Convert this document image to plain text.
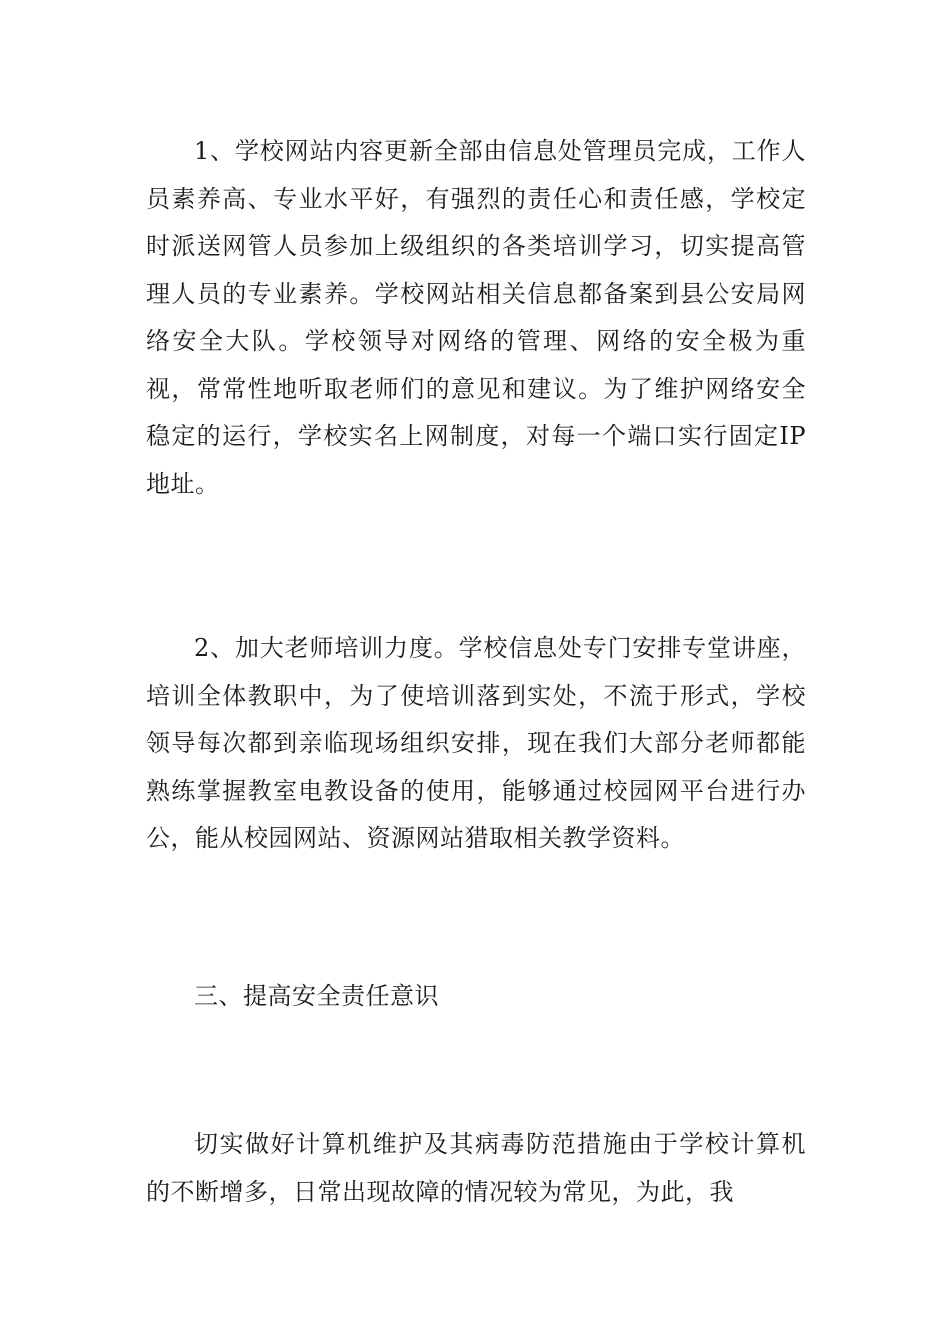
1、学校网站内容更新全部由信息处管理员完成，工作人员素养高、专业水平好，有强烈的责任心和责任感，学校定时派送网管人员参加上级组织的各类培训学习，切实提高管理人员的专业素养。学校网站相关信息都备案到县公安局网络安全大队。学校领导对网络的管理、网络的安全极为重视，常常性地听取老师们的意见和建议。为了维护网络安全稳定的运行，学校实名上网制度，对每一个端口实行固定IP地址。

2、加大老师培训力度。学校信息处专门安排专堂讲座，培训全体教职中，为了使培训落到实处，不流于形式，学校领导每次都到亲临现场组织安排，现在我们大部分老师都能熟练掌握教室电教设备的使用，能够通过校园网平台进行办公，能从校园网站、资源网站猎取相关教学资料。

三、提高安全责任意识

切实做好计算机维护及其病毒防范措施由于学校计算机的不断增多，日常出现故障的情况较为常见，为此，我
